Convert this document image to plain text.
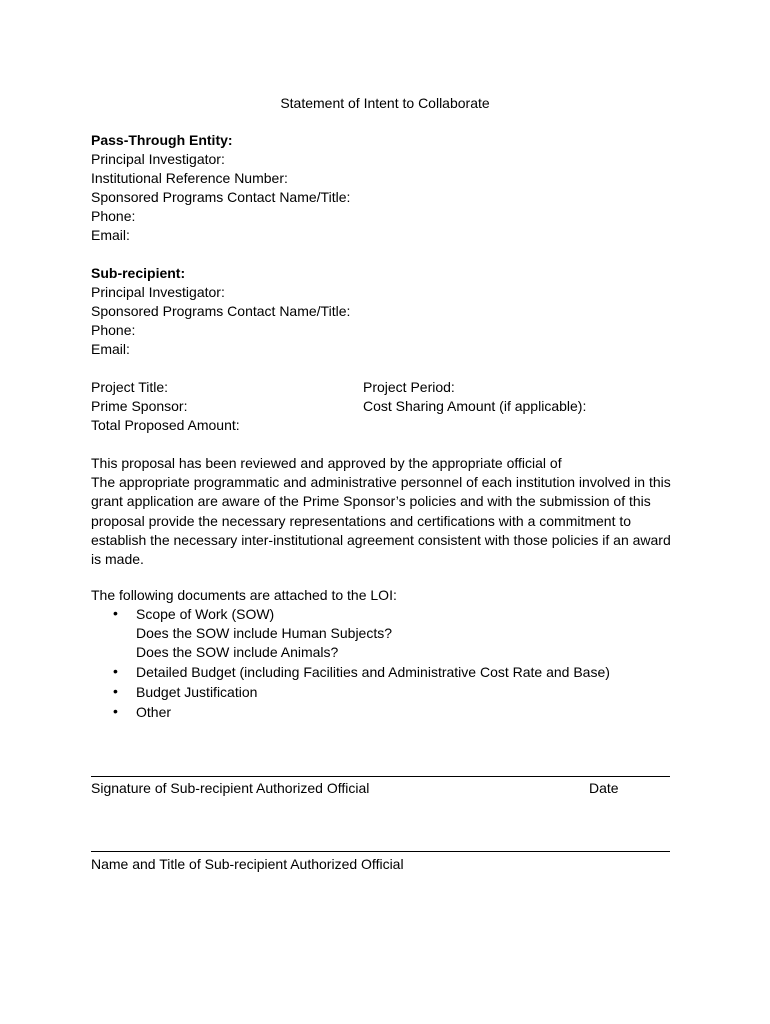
Statement of Intent to Collaborate
Pass-Through Entity:
Principal Investigator:
Institutional Reference Number:
Sponsored Programs Contact Name/Title:
Phone:
Email:
Sub-recipient:
Principal Investigator:
Sponsored Programs Contact Name/Title:
Phone:
Email:
Project Title:
Prime Sponsor:
Total Proposed Amount:
Project Period:
Cost Sharing Amount (if applicable):
This proposal has been reviewed and approved by the appropriate official of
The appropriate programmatic and administrative personnel of each institution involved in this
grant application are aware of the Prime Sponsor’s policies and with the submission of this
proposal provide the necessary representations and certifications with a commitment to
establish the necessary inter-institutional agreement consistent with those policies if an award
is made.
The following documents are attached to the LOI:
• Scope of Work (SOW)
Does the SOW include Human Subjects?
Does the SOW include Animals?
• Detailed Budget (including Facilities and Administrative Cost Rate and Base)
• Budget Justification
• Other
Signature of Sub-recipient Authorized Official	Date
Name and Title of Sub-recipient Authorized Official
